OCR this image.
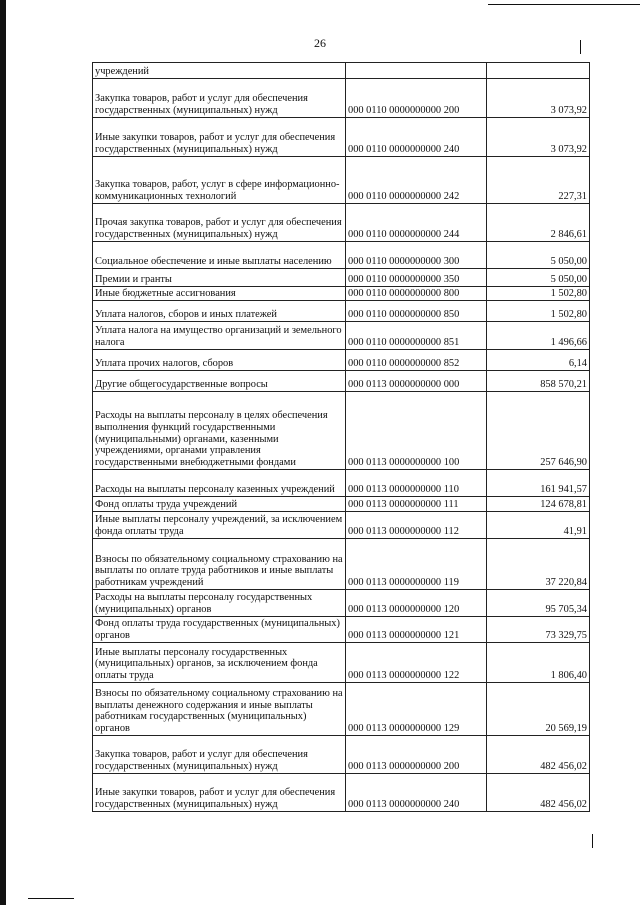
26
учреждений		
Закупка товаров, работ и услуг для обеспечения государственных (муниципальных) нужд	000 0110 0000000000 200	3 073,92
Иные закупки товаров, работ и услуг для обеспечения государственных (муниципальных) нужд	000 0110 0000000000 240	3 073,92
Закупка товаров, работ, услуг в сфере информационно-коммуникационных технологий	000 0110 0000000000 242	227,31
Прочая закупка товаров, работ и услуг для обеспечения государственных (муниципальных) нужд	000 0110 0000000000 244	2 846,61
Социальное обеспечение и иные выплаты населению	000 0110 0000000000 300	5 050,00
Премии и гранты	000 0110 0000000000 350	5 050,00
Иные бюджетные ассигнования	000 0110 0000000000 800	1 502,80
Уплата налогов, сборов и иных платежей	000 0110 0000000000 850	1 502,80
Уплата налога на имущество организаций и земельного налога	000 0110 0000000000 851	1 496,66
Уплата прочих налогов, сборов	000 0110 0000000000 852	6,14
Другие общегосударственные вопросы	000 0113 0000000000 000	858 570,21
Расходы на выплаты персоналу в целях обеспечения выполнения функций государственными (муниципальными) органами, казенными учреждениями, органами управления государственными внебюджетными фондами	000 0113 0000000000 100	257 646,90
Расходы на выплаты персоналу казенных учреждений	000 0113 0000000000 110	161 941,57
Фонд оплаты труда учреждений	000 0113 0000000000 111	124 678,81
Иные выплаты персоналу учреждений, за исключением фонда оплаты труда	000 0113 0000000000 112	41,91
Взносы по обязательному социальному страхованию на выплаты по оплате труда работников и иные выплаты работникам учреждений	000 0113 0000000000 119	37 220,84
Расходы на выплаты персоналу государственных (муниципальных) органов	000 0113 0000000000 120	95 705,34
Фонд оплаты труда государственных (муниципальных) органов	000 0113 0000000000 121	73 329,75
Иные выплаты персоналу государственных (муниципальных) органов, за исключением фонда оплаты труда	000 0113 0000000000 122	1 806,40
Взносы по обязательному социальному страхованию на выплаты денежного содержания и иные выплаты работникам государственных (муниципальных) органов	000 0113 0000000000 129	20 569,19
Закупка товаров, работ и услуг для обеспечения государственных (муниципальных) нужд	000 0113 0000000000 200	482 456,02
Иные закупки товаров, работ и услуг для обеспечения государственных (муниципальных) нужд	000 0113 0000000000 240	482 456,02
